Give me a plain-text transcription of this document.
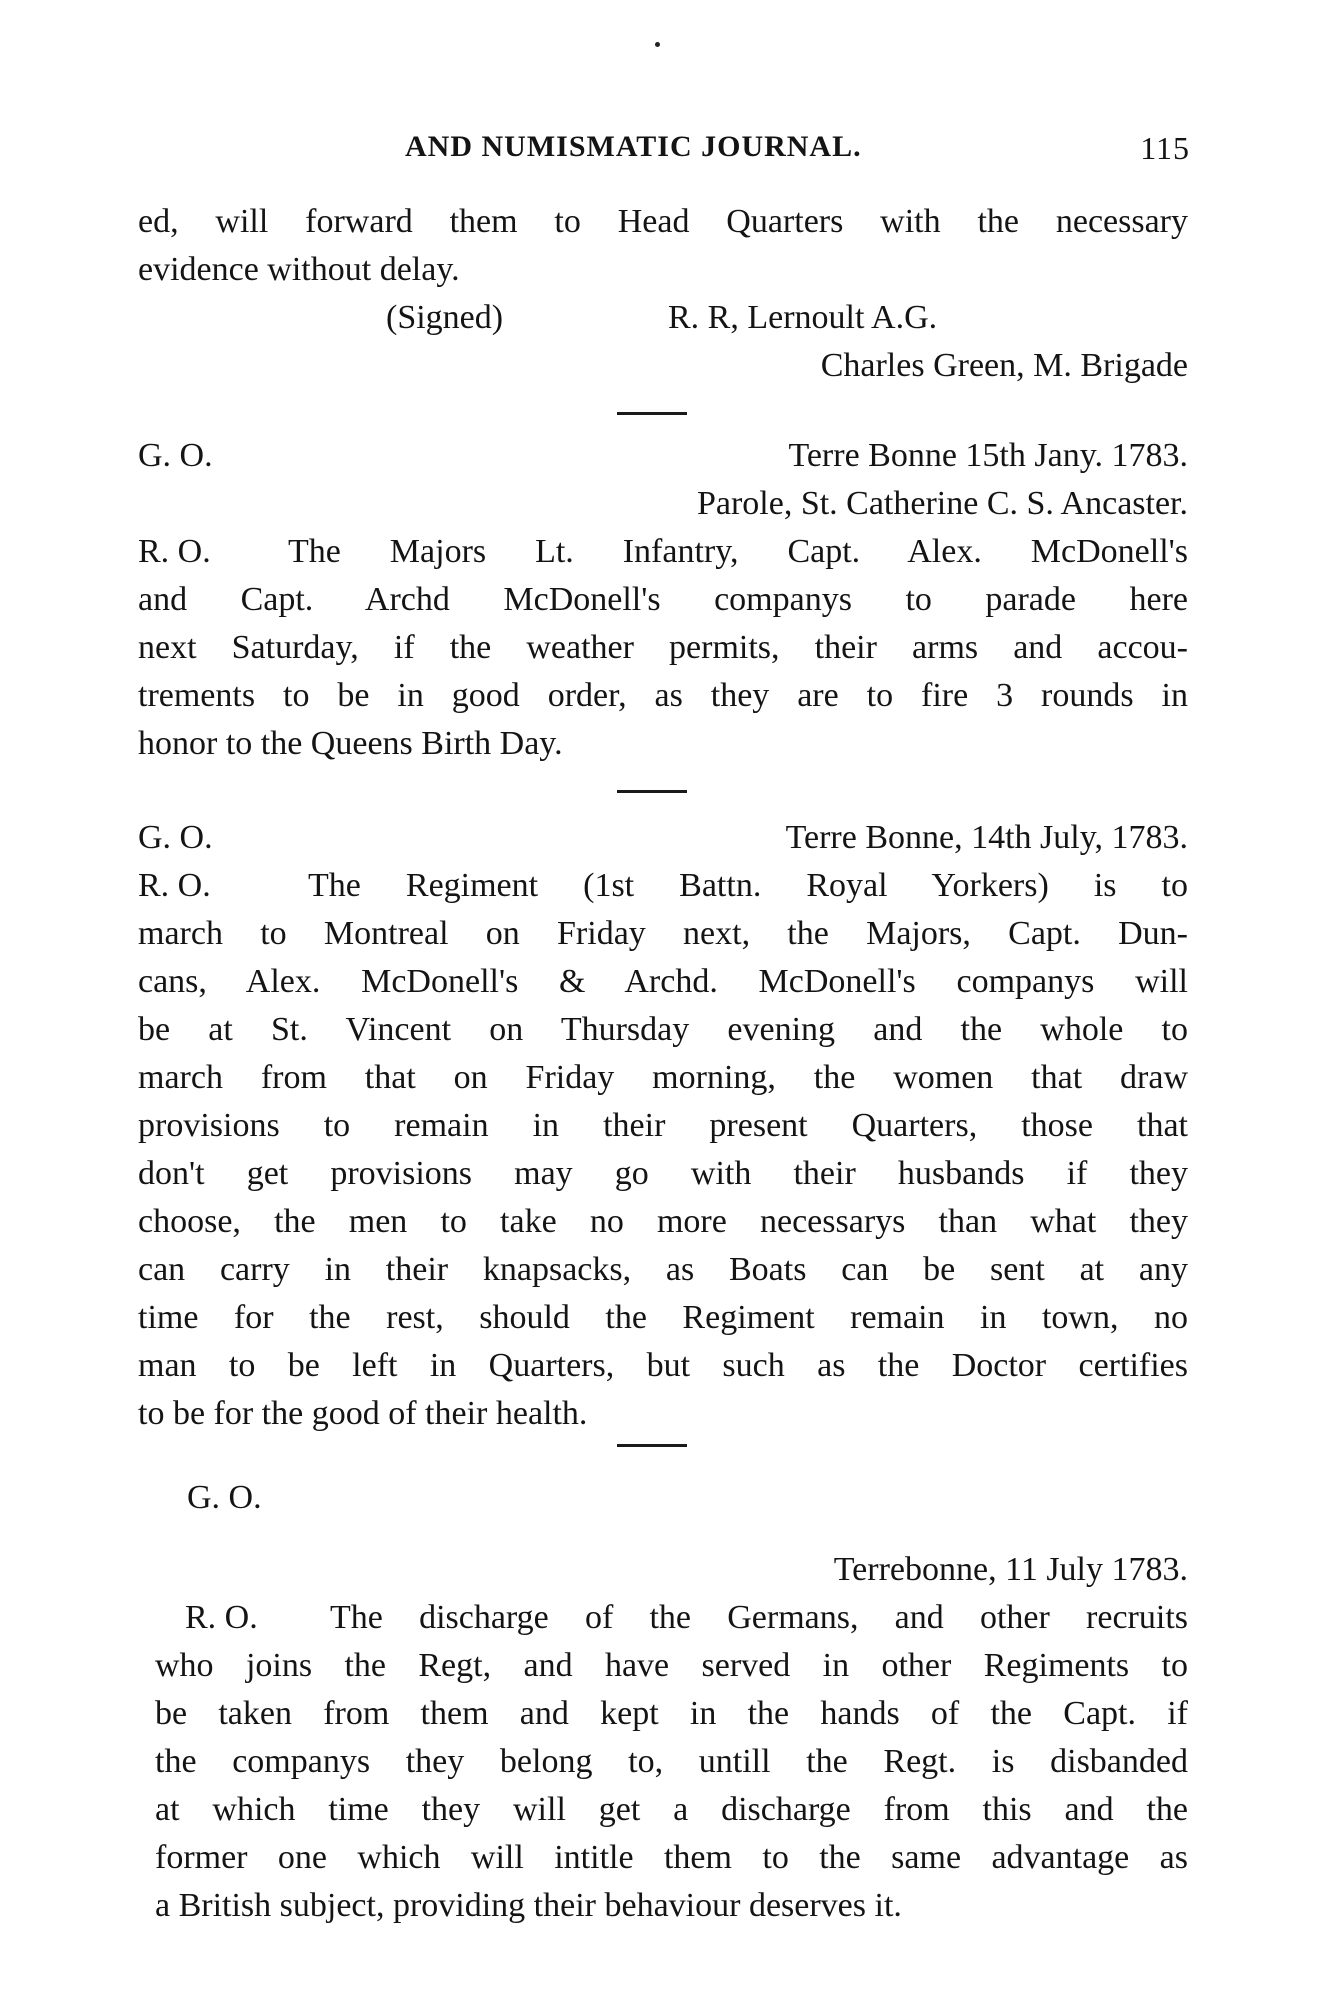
AND NUMISMATIC JOURNAL.	115
ed, will forward them to Head Quarters with the necessary
evidence without delay.
(Signed)	R. R, Lernoult A.G.
Charles Green, M. Brigade
G. O.	Terre Bonne 15th Jany. 1783.
Parole, St. Catherine C. S. Ancaster.
R. O.	The Majors Lt. Infantry, Capt. Alex. McDonell's
and Capt. Archd McDonell's companys to parade here
next Saturday, if the weather permits, their arms and accou-
trements to be in good order, as they are to fire 3 rounds in
honor to the Queens Birth Day.
G. O.	Terre Bonne, 14th July, 1783.
R. O.	The Regiment (1st Battn. Royal Yorkers) is to
march to Montreal on Friday next, the Majors, Capt. Dun-
cans, Alex. McDonell's & Archd. McDonell's companys will
be at St. Vincent on Thursday evening and the whole to
march from that on Friday morning, the women that draw
provisions to remain in their present Quarters, those that
don't get provisions may go with their husbands if they
choose, the men to take no more necessarys than what they
can carry in their knapsacks, as Boats can be sent at any
time for the rest, should the Regiment remain in town, no
man to be left in Quarters, but such as the Doctor certifies
to be for the good of their health.
G. O.
Terrebonne, 11 July 1783.
R. O.	The discharge of the Germans, and other recruits
who joins the Regt, and have served in other Regiments to
be taken from them and kept in the hands of the Capt. if
the companys they belong to, untill the Regt. is disbanded
at which time they will get a discharge from this and the
former one which will intitle them to the same advantage as
a British subject, providing their behaviour deserves it.
